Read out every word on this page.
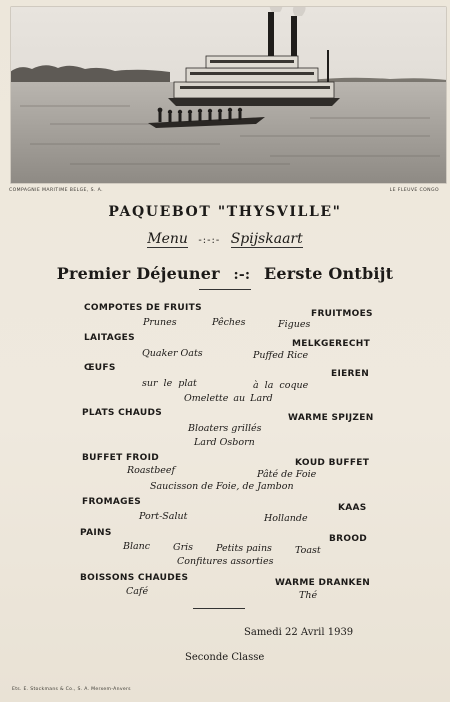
COMPAGNIE MARITIME BELGE, S. A.	LE FLEUVE CONGO
PAQUEBOT "THYSVILLE"
Menu -:-:- Spijskaart
Premier Déjeuner :-: Eerste Ontbijt
COMPOTES DE FRUITS
FRUITMOES
Prunes	Pêches	Figues
LAITAGES
MELKGERECHT
Quaker Oats	Puffed Rice
ŒUFS
EIEREN
sur le plat	à la coque
Omelette au Lard
PLATS CHAUDS	WARME SPIJZEN
Bloaters grillés
Lard Osborn
BUFFET FROID	KOUD BUFFET
Roastbeef	Pâté de Foie
Saucisson de Foie, de Jambon
FROMAGES
KAAS
Port-Salut	Hollande
PAINS
BROOD
Blanc Gris Petits pains Toast
Confitures assorties
BOISSONS CHAUDES	WARME DRANKEN
Café	Thé
Samedi 22 Avril 1939
Seconde Classe
Ets. E. Stockmans & Co., S. A. Merxem-Anvers
